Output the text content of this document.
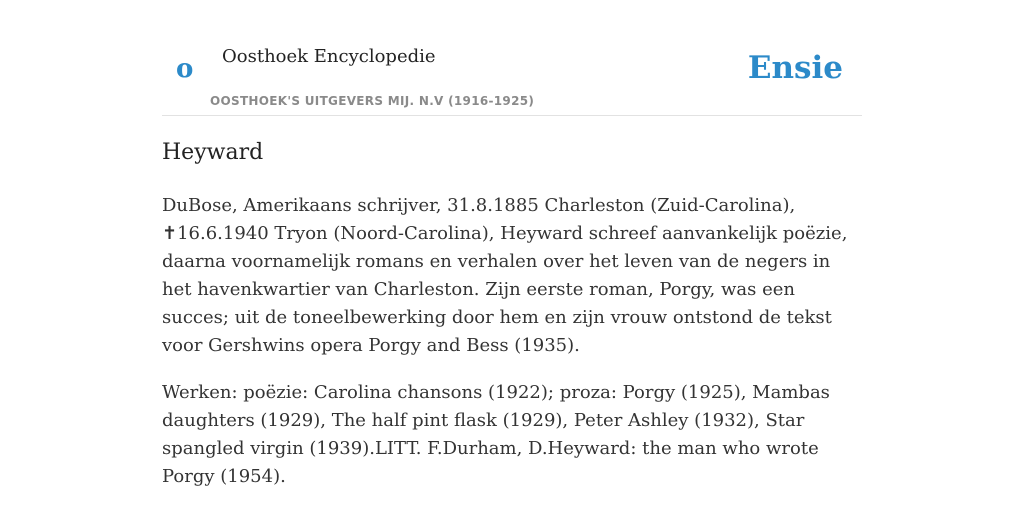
o Oosthoek Encyclopedie
OOSTHOEK'S UITGEVERS MIJ. N.V (1916-1925)
Ensie
Heyward

DuBose, Amerikaans schrijver, 31.8.1885 Charleston (Zuid-Carolina), ✝16.6.1940 Tryon (Noord-Carolina), Heyward schreef aanvankelijk poëzie, daarna voornamelijk romans en verhalen over het leven van de negers in het havenkwartier van Charleston. Zijn eerste roman, Porgy, was een succes; uit de toneelbewerking door hem en zijn vrouw ontstond de tekst voor Gershwins opera Porgy and Bess (1935).

Werken: poëzie: Carolina chansons (1922); proza: Porgy (1925), Mambas daughters (1929), The half pint flask (1929), Peter Ashley (1932), Star spangled virgin (1939).LITT. F.Durham, D.Heyward: the man who wrote Porgy (1954).
